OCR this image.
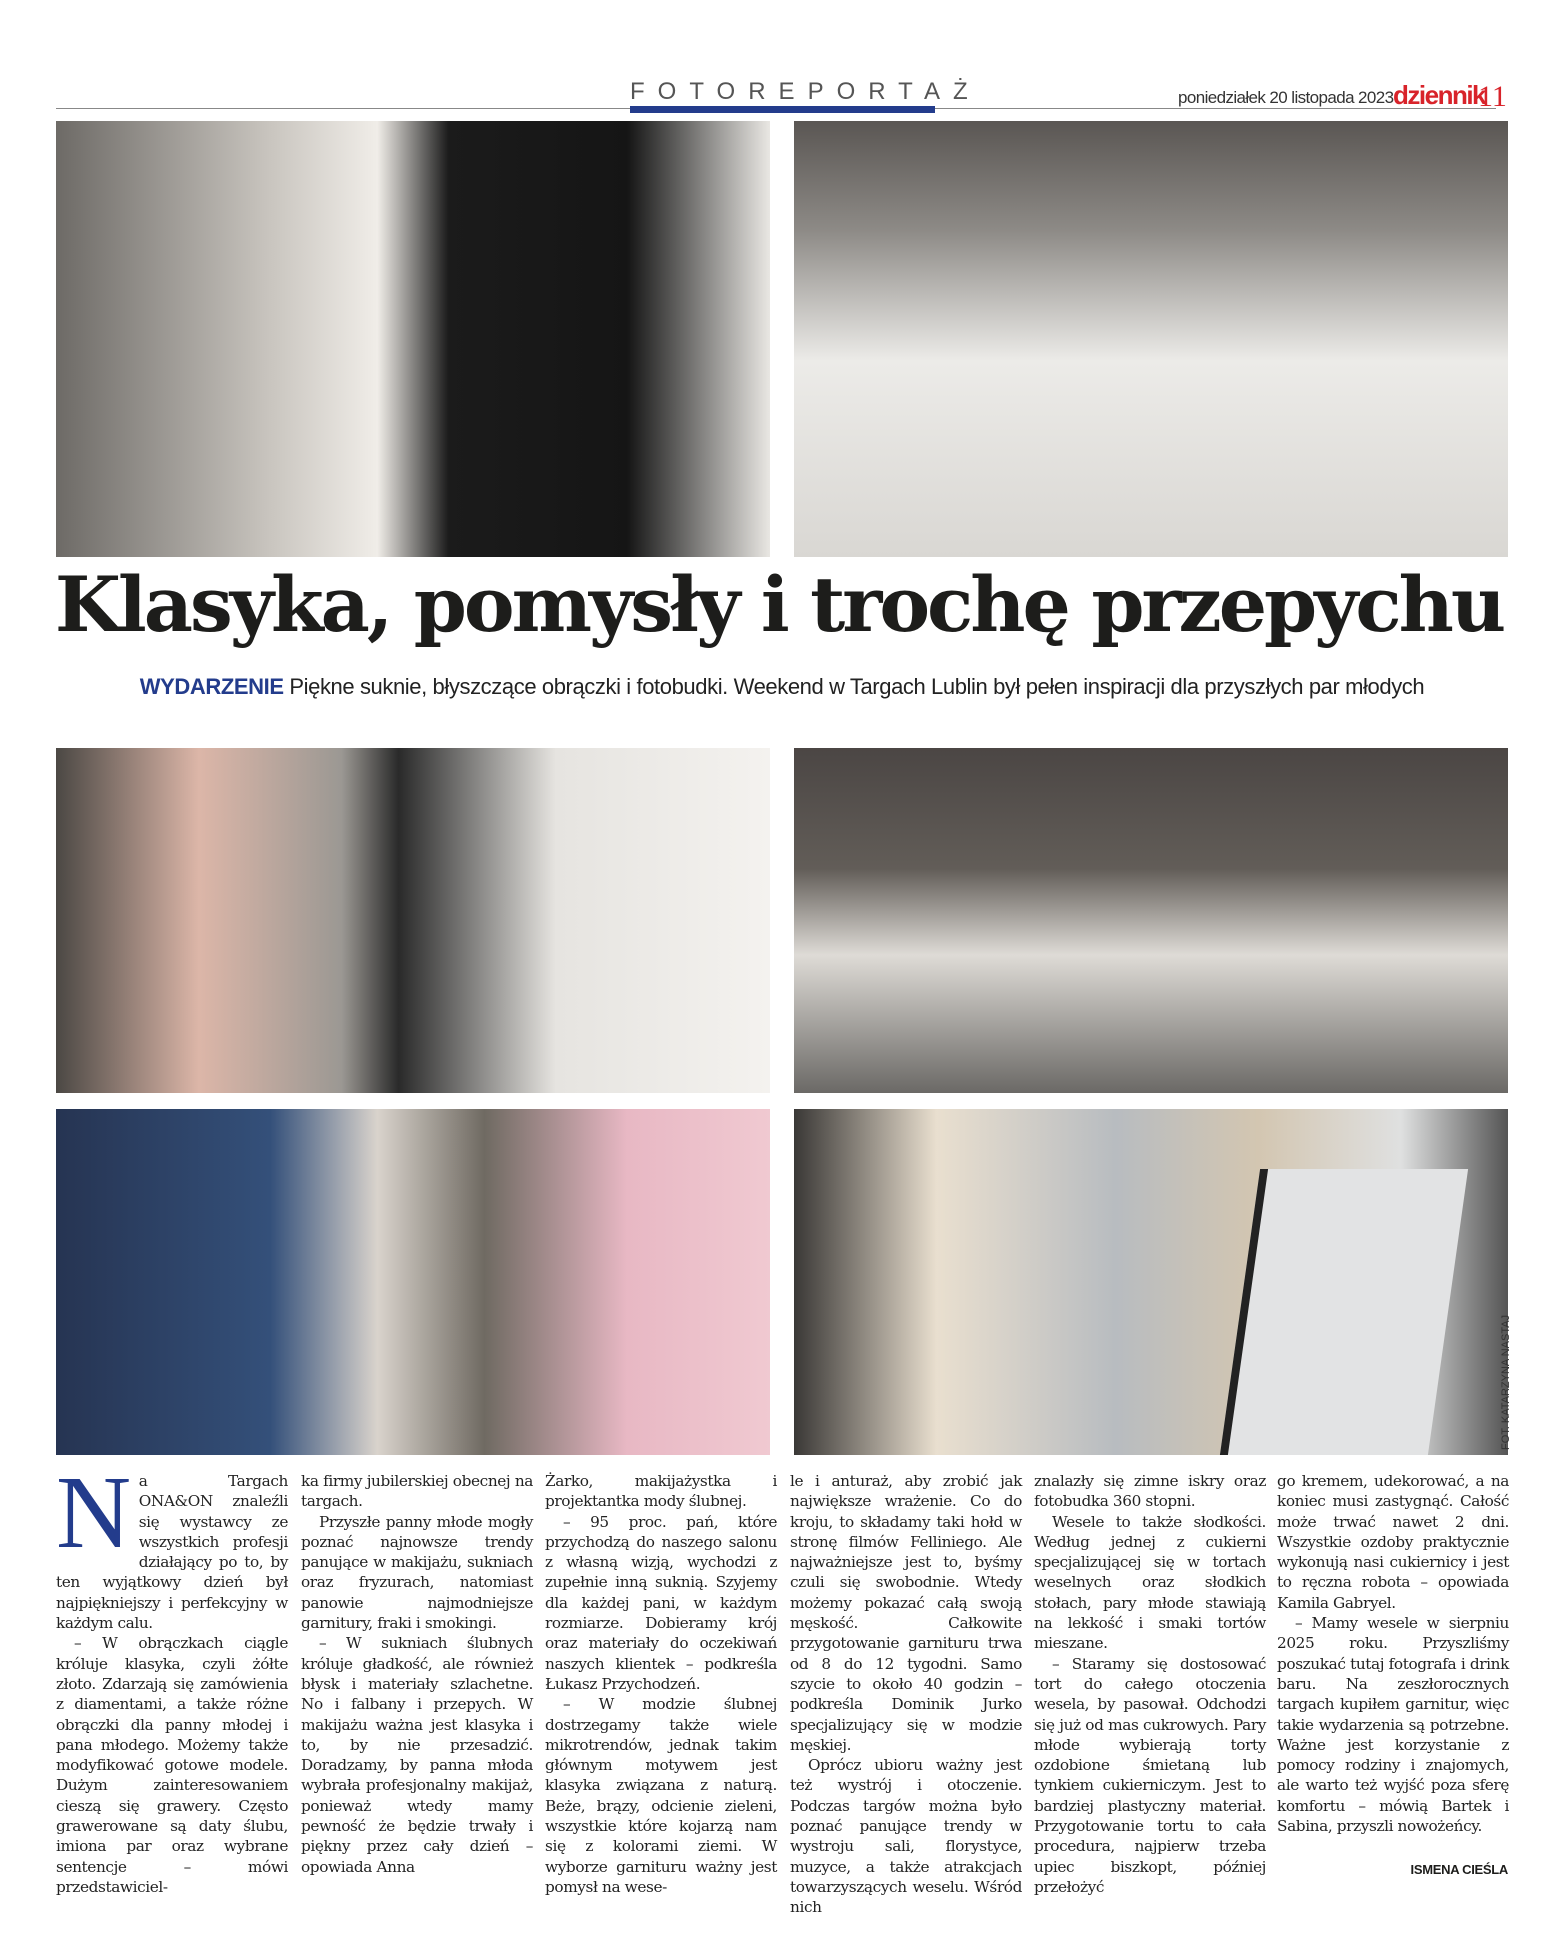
FOTOREPORTAŻ	poniedziałek 20 listopada 2023 dziennik
11
FOT. KATARZYNA NASTAJ
Klasyka, pomysły i trochę przepychu
WYDARZENIE Piękne suknie, błyszczące obrączki i fotobudki. Weekend w Targach Lublin był pełen inspiracji dla przyszłych par młodych

Na Targach ONA&ON znaleźli się wystawcy ze wszystkich profesji działający po to, by ten wyjątkowy dzień był najpiękniejszy i perfekcyjny w każdym calu.

– W obrączkach ciągle króluje klasyka, czyli żółte złoto. Zdarzają się zamówienia z diamentami, a także różne obrączki dla panny młodej i pana młodego. Możemy także modyfikować gotowe modele. Dużym zainteresowaniem cieszą się grawery. Często grawerowane są daty ślubu, imiona par oraz wybrane sentencje – mówi przedstawiciel-

ka firmy jubilerskiej obecnej na targach.

Przyszłe panny młode mogły poznać najnowsze trendy panujące w makijażu, sukniach oraz fryzurach, natomiast panowie najmodniejsze garnitury, fraki i smokingi.

– W sukniach ślubnych króluje gładkość, ale również błysk i materiały szlachetne. No i falbany i przepych. W makijażu ważna jest klasyka i to, by nie przesadzić. Doradzamy, by panna młoda wybrała profesjonalny makijaż, ponieważ wtedy mamy pewność że będzie trwały i piękny przez cały dzień – opowiada Anna

Żarko, makijażystka i projektantka mody ślubnej.

– 95 proc. pań, które przychodzą do naszego salonu z własną wizją, wychodzi z zupełnie inną suknią. Szyjemy dla każdej pani, w każdym rozmiarze. Dobieramy krój oraz materiały do oczekiwań naszych klientek – podkreśla Łukasz Przychodzeń.

– W modzie ślubnej dostrzegamy także wiele mikrotrendów, jednak takim głównym motywem jest klasyka związana z naturą. Beże, brązy, odcienie zieleni, wszystkie które kojarzą nam się z kolorami ziemi. W wyborze garnituru ważny jest pomysł na wese-

le i anturaż, aby zrobić jak największe wrażenie. Co do kroju, to składamy taki hołd w stronę filmów Felliniego. Ale najważniejsze jest to, byśmy czuli się swobodnie. Wtedy możemy pokazać całą swoją męskość. Całkowite przygotowanie garnituru trwa od 8 do 12 tygodni. Samo szycie to około 40 godzin – podkreśla Dominik Jurko specjalizujący się w modzie męskiej.

Oprócz ubioru ważny jest też wystrój i otoczenie. Podczas targów można było poznać panujące trendy w wystroju sali, florystyce, muzyce, a także atrakcjach towarzyszących weselu. Wśród nich

znalazły się zimne iskry oraz fotobudka 360 stopni.

Wesele to także słodkości. Według jednej z cukierni specjalizującej się w tortach weselnych oraz słodkich stołach, pary młode stawiają na lekkość i smaki tortów mieszane.

– Staramy się dostosować tort do całego otoczenia wesela, by pasował. Odchodzi się już od mas cukrowych. Pary młode wybierają torty ozdobione śmietaną lub tynkiem cukierniczym. Jest to bardziej plastyczny materiał. Przygotowanie tortu to cała procedura, najpierw trzeba upiec biszkopt, później przełożyć

go kremem, udekorować, a na koniec musi zastygnąć. Całość może trwać nawet 2 dni. Wszystkie ozdoby praktycznie wykonują nasi cukiernicy i jest to ręczna robota – opowiada Kamila Gabryel.

– Mamy wesele w sierpniu 2025 roku. Przyszliśmy poszukać tutaj fotografa i drink baru. Na zeszłorocznych targach kupiłem garnitur, więc takie wydarzenia są potrzebne. Ważne jest korzystanie z pomocy rodziny i znajomych, ale warto też wyjść poza sferę komfortu – mówią Bartek i Sabina, przyszli nowożeńcy.

ISMENA CIEŚLA
